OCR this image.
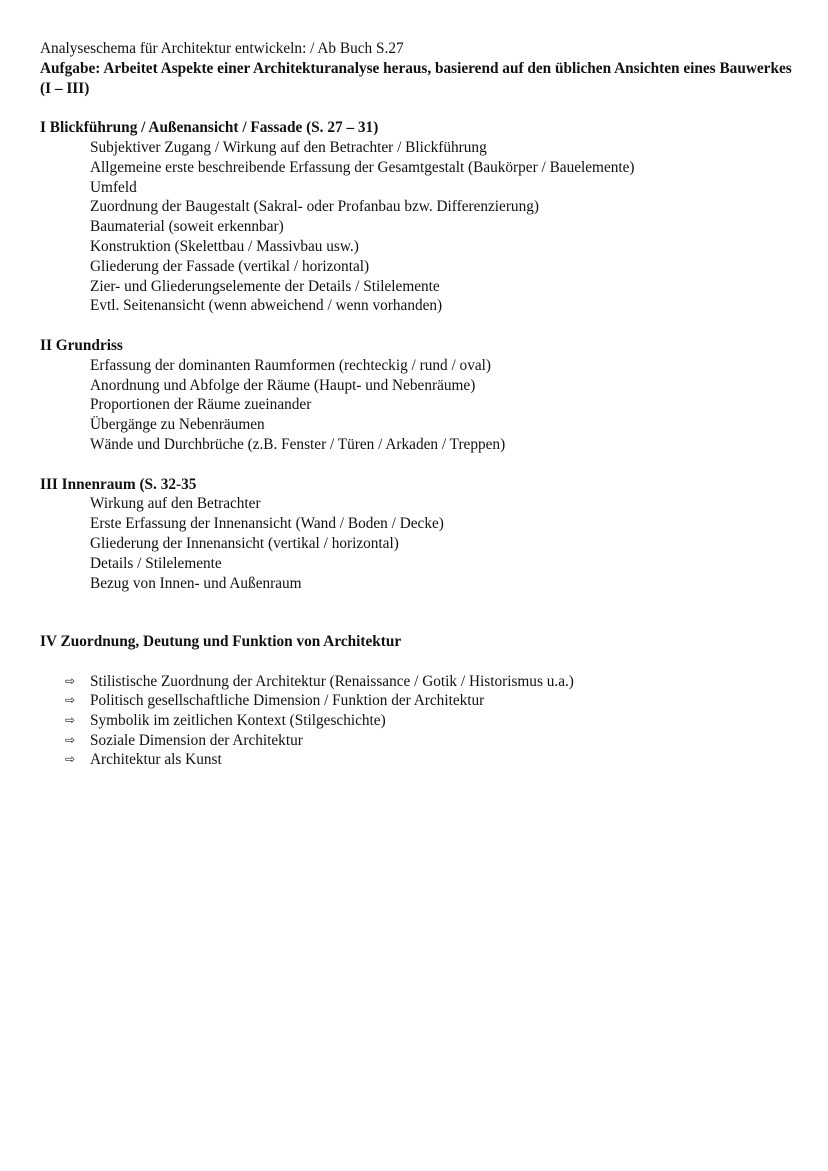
Analyseschema für Architektur entwickeln: / Ab Buch S.27
Aufgabe: Arbeitet Aspekte einer Architekturanalyse heraus, basierend auf den üblichen Ansichten eines Bauwerkes (I – III)
I Blickführung / Außenansicht / Fassade (S. 27 – 31)
Subjektiver Zugang / Wirkung auf den Betrachter / Blickführung
Allgemeine erste beschreibende Erfassung der Gesamtgestalt (Baukörper / Bauelemente)
Umfeld
Zuordnung der Baugestalt (Sakral- oder Profanbau bzw. Differenzierung)
Baumaterial (soweit erkennbar)
Konstruktion (Skelettbau / Massivbau usw.)
Gliederung der Fassade (vertikal / horizontal)
Zier- und Gliederungselemente der Details / Stilelemente
Evtl. Seitenansicht (wenn abweichend / wenn vorhanden)
II Grundriss
Erfassung der dominanten Raumformen (rechteckig / rund / oval)
Anordnung und Abfolge der Räume (Haupt- und Nebenräume)
Proportionen der Räume zueinander
Übergänge zu Nebenräumen
Wände und Durchbrüche (z.B. Fenster / Türen / Arkaden / Treppen)
III Innenraum (S. 32-35
Wirkung auf den Betrachter
Erste Erfassung der Innenansicht (Wand / Boden / Decke)
Gliederung der Innenansicht (vertikal / horizontal)
Details / Stilelemente
Bezug von Innen- und Außenraum
IV Zuordnung, Deutung und Funktion von Architektur
⇨ Stilistische Zuordnung der Architektur (Renaissance / Gotik / Historismus u.a.)
⇨ Politisch gesellschaftliche Dimension / Funktion der Architektur
⇨ Symbolik im zeitlichen Kontext (Stilgeschichte)
⇨ Soziale Dimension der Architektur
⇨ Architektur als Kunst
